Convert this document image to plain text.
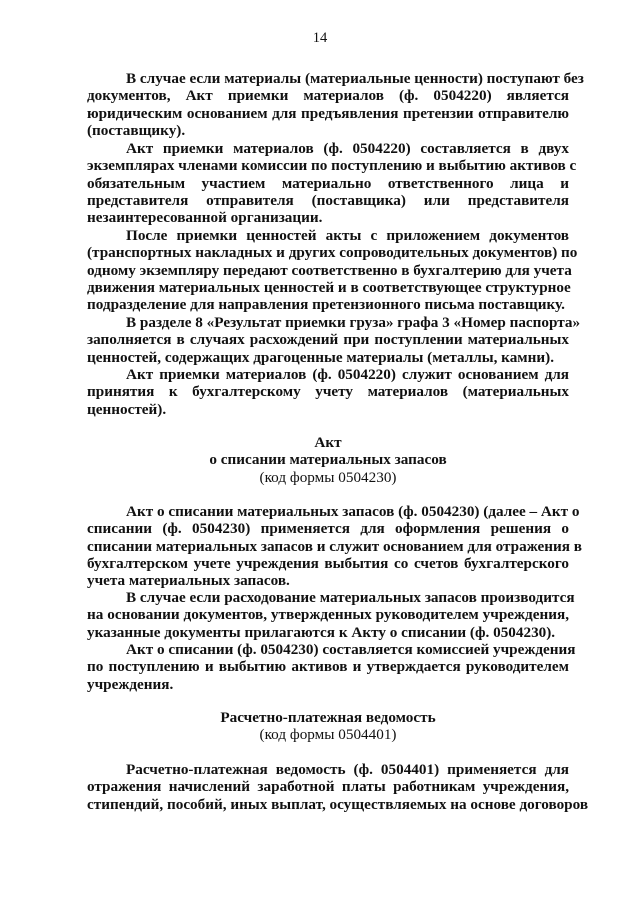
14
В случае если материалы (материальные ценности) поступают без
документов, Акт приемки материалов (ф. 0504220) является
юридическим основанием для предъявления претензии отправителю
(поставщику).
Акт приемки материалов (ф. 0504220) составляется в двух
экземплярах членами комиссии по поступлению и выбытию активов с
обязательным участием материально ответственного лица и
представителя отправителя (поставщика) или представителя
незаинтересованной организации.
После приемки ценностей акты с приложением документов
(транспортных накладных и других сопроводительных документов) по
одному экземпляру передают соответственно в бухгалтерию для учета
движения материальных ценностей и в соответствующее структурное
подразделение для направления претензионного письма поставщику.
В разделе 8 «Результат приемки груза» графа 3 «Номер паспорта»
заполняется в случаях расхождений при поступлении материальных
ценностей, содержащих драгоценные материалы (металлы, камни).
Акт приемки материалов (ф. 0504220) служит основанием для
принятия к бухгалтерскому учету материалов (материальных
ценностей).
Акт
о списании материальных запасов
(код формы 0504230)
Акт о списании материальных запасов (ф. 0504230) (далее – Акт о
списании (ф. 0504230) применяется для оформления решения о
списании материальных запасов и служит основанием для отражения в
бухгалтерском учете учреждения выбытия со счетов бухгалтерского
учета материальных запасов.
В случае если расходование материальных запасов производится
на основании документов, утвержденных руководителем учреждения,
указанные документы прилагаются к Акту о списании (ф. 0504230).
Акт о списании (ф. 0504230) составляется комиссией учреждения
по поступлению и выбытию активов и утверждается руководителем
учреждения.
Расчетно-платежная ведомость
(код формы 0504401)
Расчетно-платежная ведомость (ф. 0504401) применяется для
отражения начислений заработной платы работникам учреждения,
стипендий, пособий, иных выплат, осуществляемых на основе договоров
